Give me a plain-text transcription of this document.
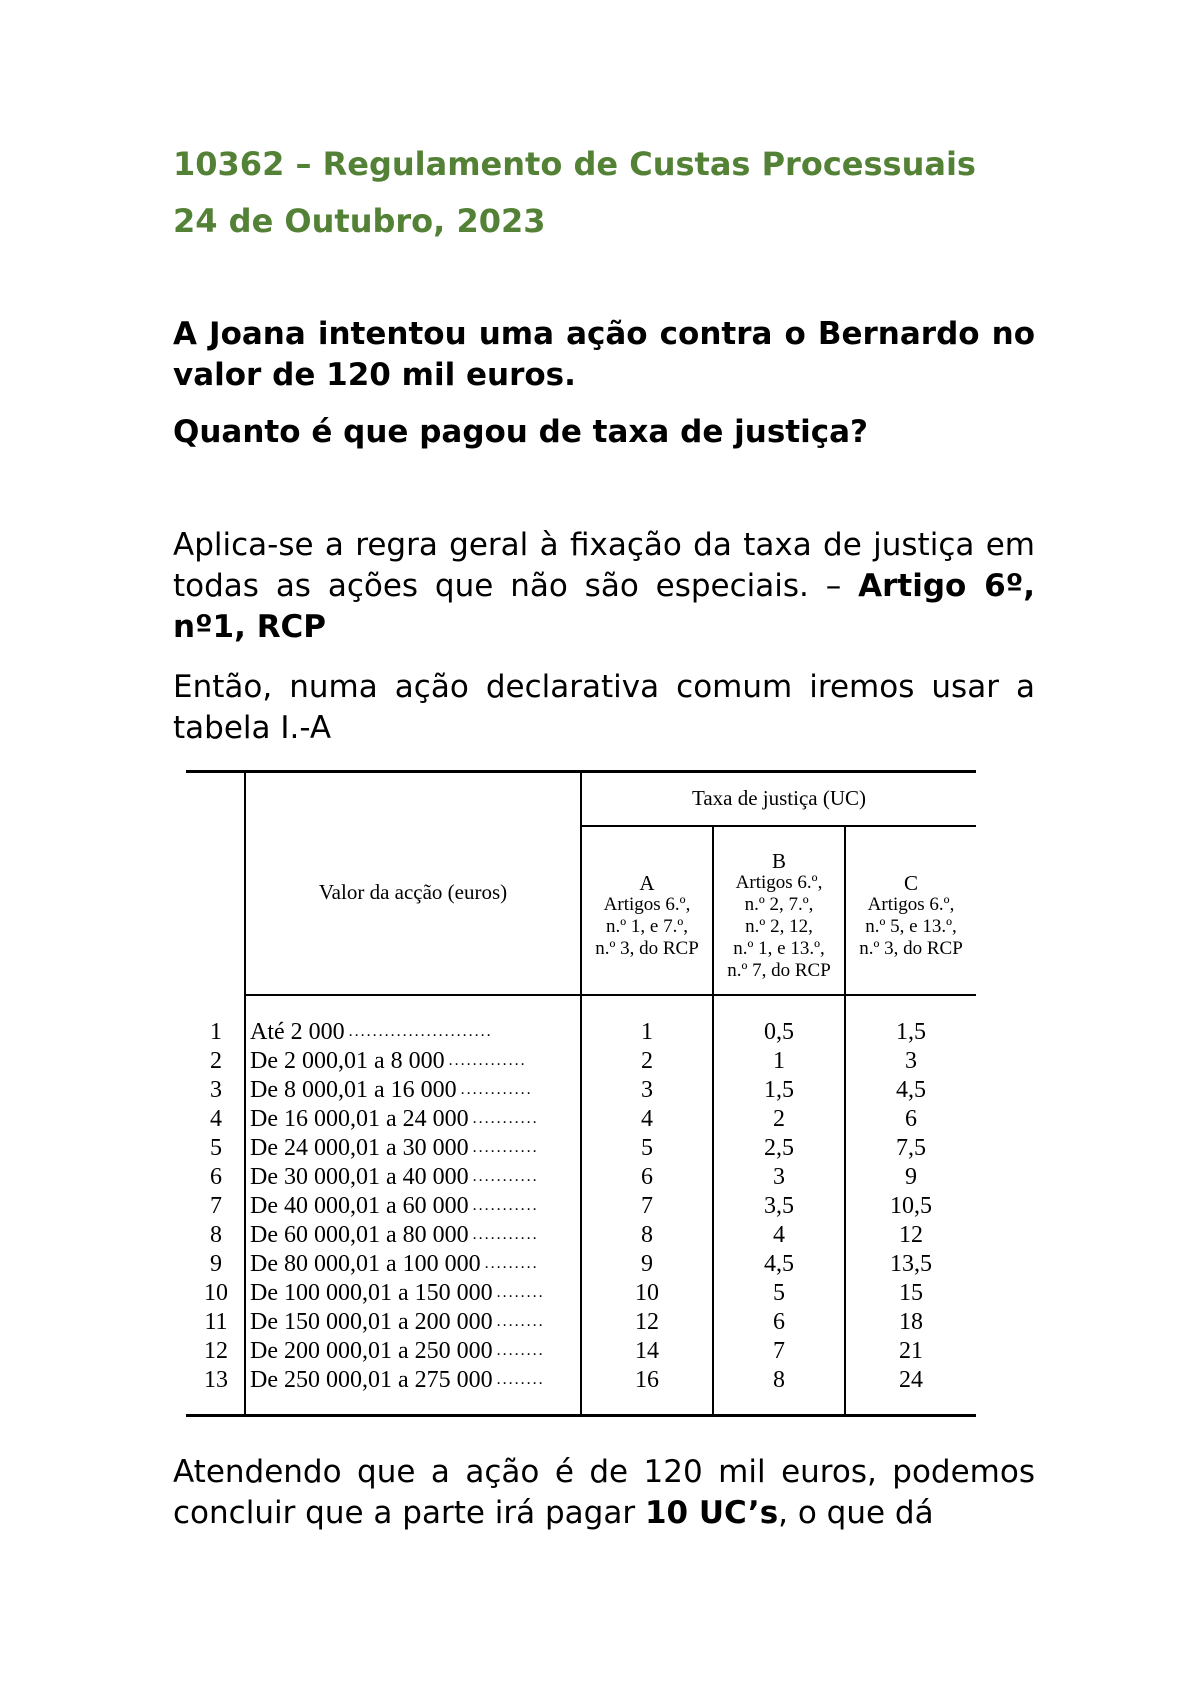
10362 – Regulamento de Custas Processuais
24 de Outubro, 2023
A Joana intentou uma ação contra o Bernardo no valor de 120 mil euros.
Quanto é que pagou de taxa de justiça?
Aplica-se a regra geral à fixação da taxa de justiça em todas as ações que não são especiais. – Artigo 6º, nº1, RCP
Então, numa ação declarativa comum iremos usar a tabela I.-A
Valor da acção (euros)
Taxa de justiça (UC)
A
Artigos 6.º,
n.º 1, e 7.º,
n.º 3, do RCP
B
Artigos 6.º,
n.º 2, 7.º,
n.º 2, 12,
n.º 1, e 13.º,
n.º 7, do RCP
C
Artigos 6.º,
n.º 5, e 13.º,
n.º 3, do RCP
1	Até 2 000 ........................	1	0,5	1,5
2	De 2 000,01 a 8 000 .............	2	1	3
3	De 8 000,01 a 16 000 ............	3	1,5	4,5
4	De 16 000,01 a 24 000 ...........	4	2	6
5	De 24 000,01 a 30 000 ...........	5	2,5	7,5
6	De 30 000,01 a 40 000 ...........	6	3	9
7	De 40 000,01 a 60 000 ...........	7	3,5	10,5
8	De 60 000,01 a 80 000 ...........	8	4	12
9	De 80 000,01 a 100 000 .........	9	4,5	13,5
10 De 100 000,01 a 150 000 ........	10	5	15
11 De 150 000,01 a 200 000 ........	12	6	18
12 De 200 000,01 a 250 000 ........	14	7	21
13 De 250 000,01 a 275 000 ........	16	8	24
Atendendo que a ação é de 120 mil euros, podemos concluir que a parte irá pagar 10 UC’s, o que dá
